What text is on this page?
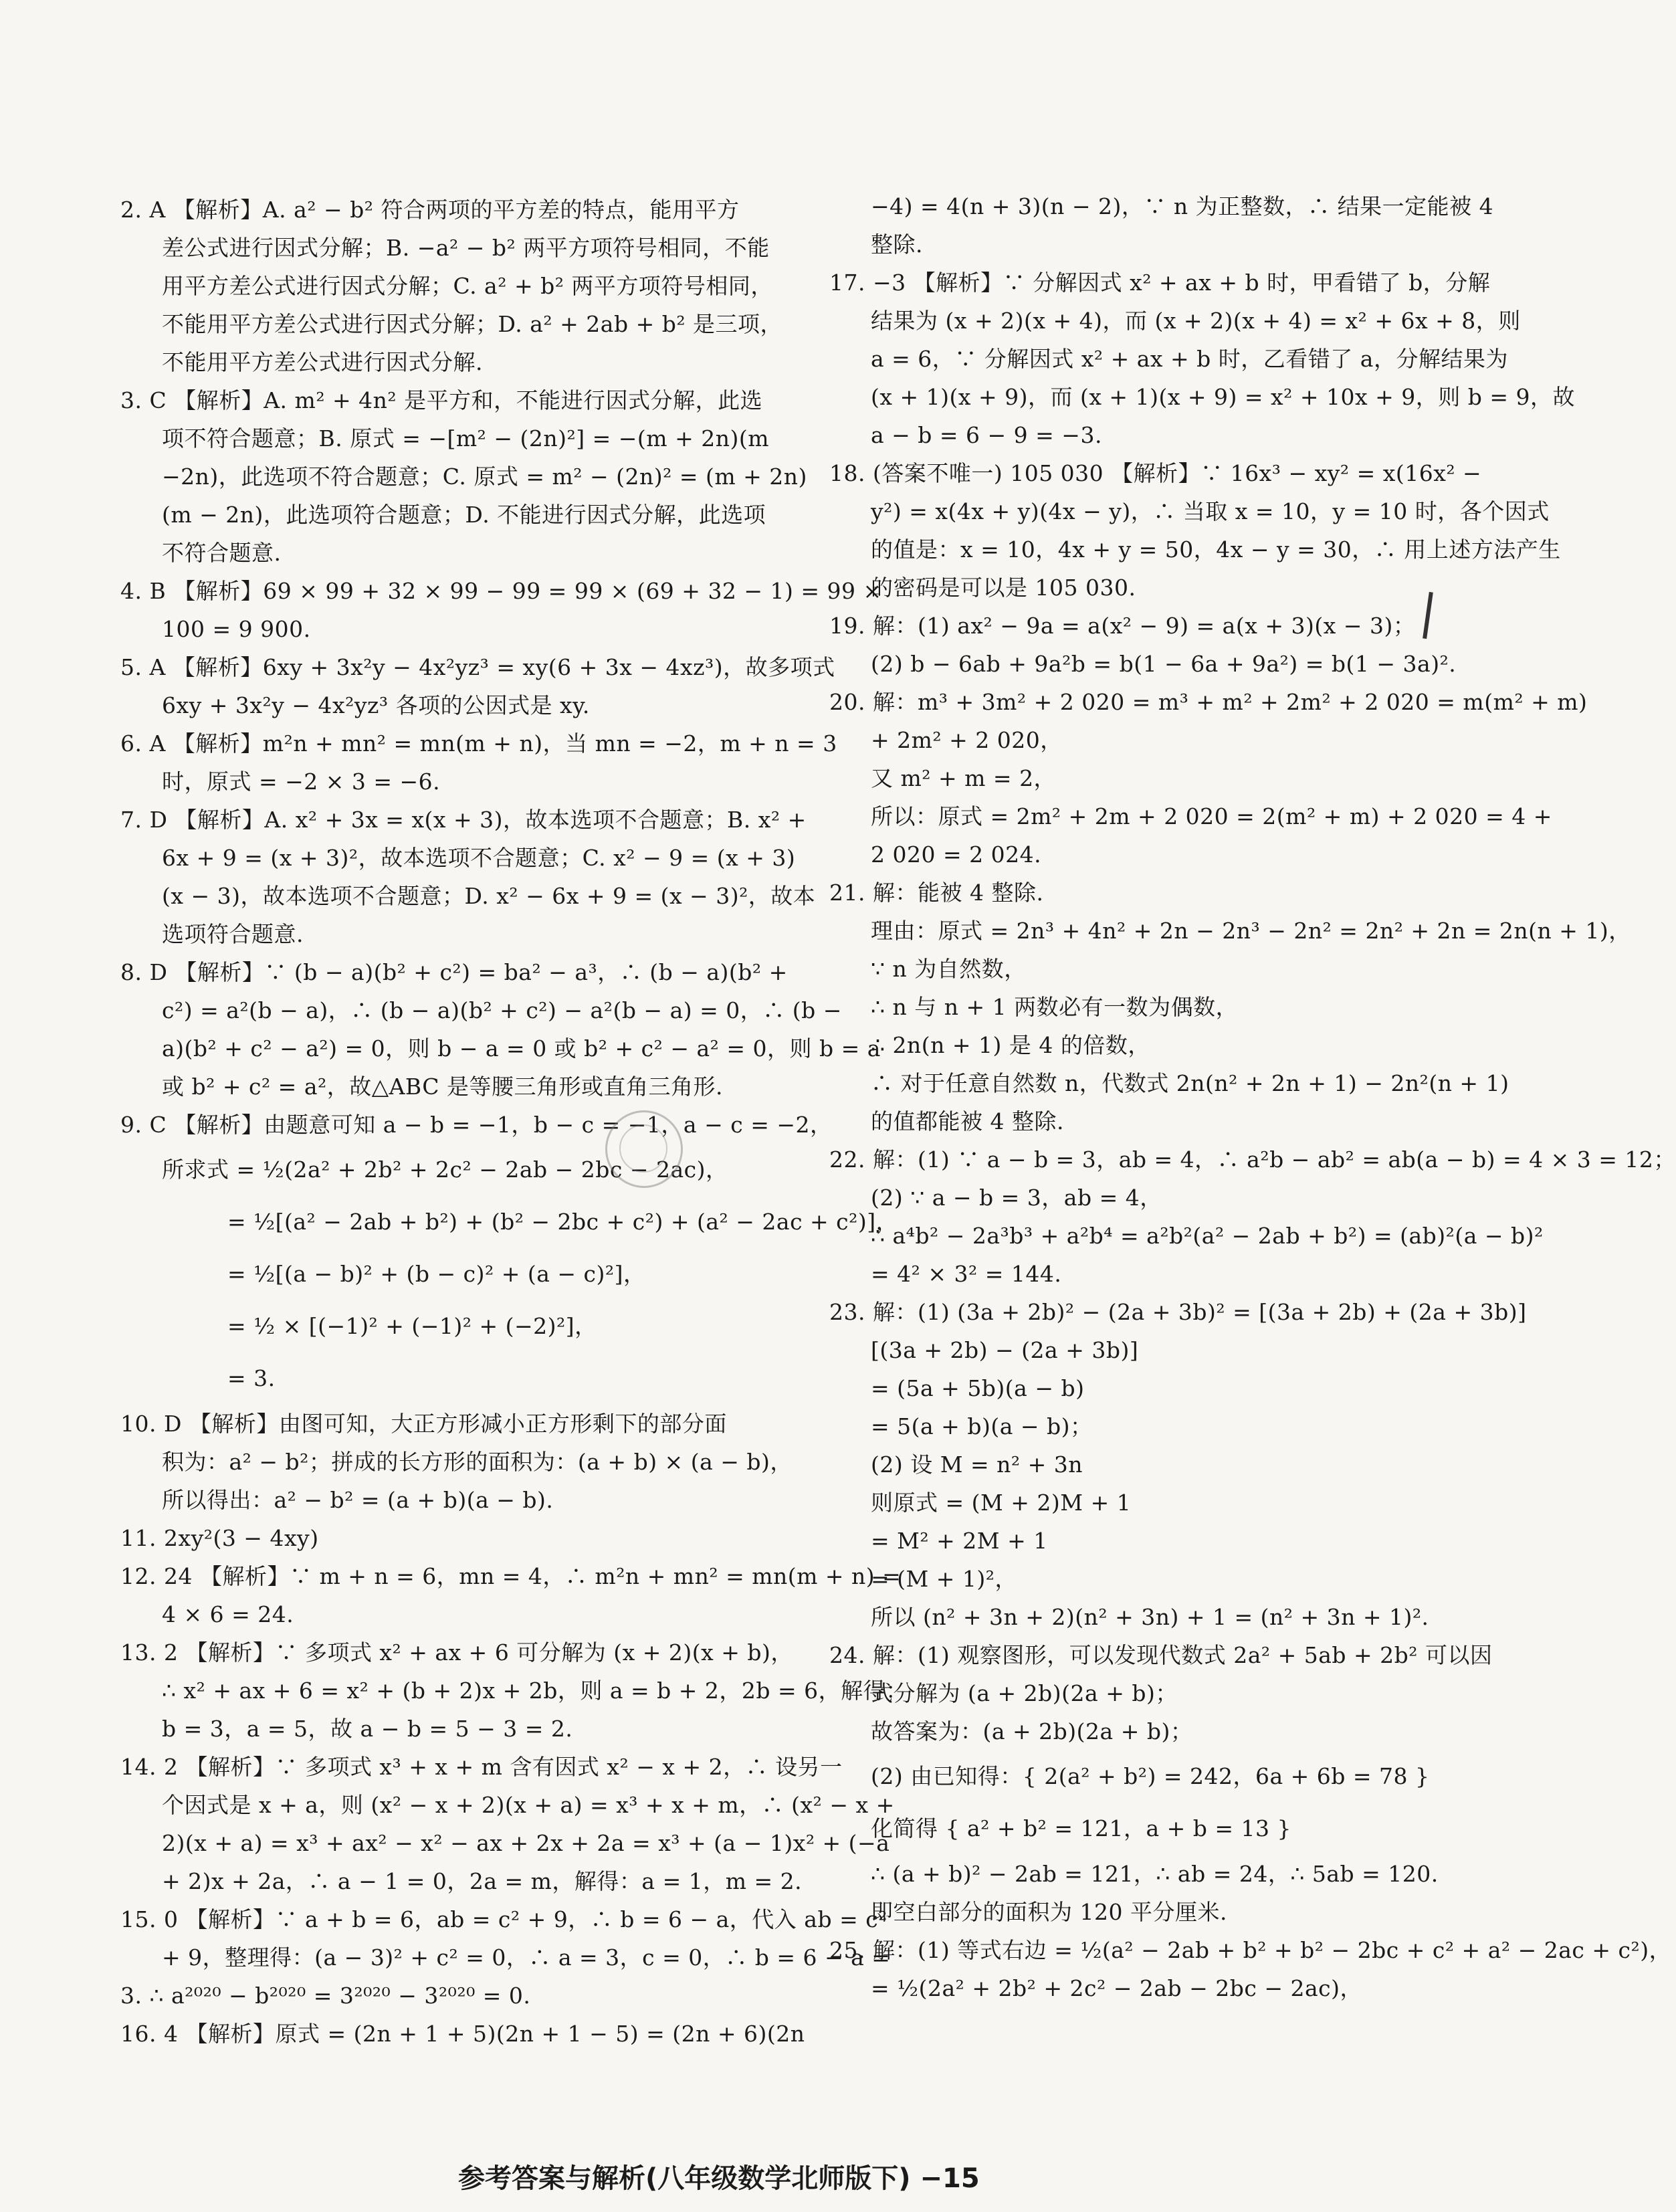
2. A 【解析】A. a² − b² 符合两项的平方差的特点，能用平方
差公式进行因式分解；B. −a² − b² 两平方项符号相同，不能
用平方差公式进行因式分解；C. a² + b² 两平方项符号相同，
不能用平方差公式进行因式分解；D. a² + 2ab + b² 是三项，
不能用平方差公式进行因式分解.
3. C 【解析】A. m² + 4n² 是平方和，不能进行因式分解，此选
项不符合题意；B. 原式 = −[m² − (2n)²] = −(m + 2n)(m
−2n)，此选项不符合题意；C. 原式 = m² − (2n)² = (m + 2n)
(m − 2n)，此选项符合题意；D. 不能进行因式分解，此选项
不符合题意.
4. B 【解析】69 × 99 + 32 × 99 − 99 = 99 × (69 + 32 − 1) = 99 ×
100 = 9 900.
5. A 【解析】6xy + 3x²y − 4x²yz³ = xy(6 + 3x − 4xz³)，故多项式
6xy + 3x²y − 4x²yz³ 各项的公因式是 xy.
6. A 【解析】m²n + mn² = mn(m + n)，当 mn = −2，m + n = 3
时，原式 = −2 × 3 = −6.
7. D 【解析】A. x² + 3x = x(x + 3)，故本选项不合题意；B. x² +
6x + 9 = (x + 3)²，故本选项不合题意；C. x² − 9 = (x + 3)
(x − 3)，故本选项不合题意；D. x² − 6x + 9 = (x − 3)²，故本
选项符合题意.
8. D 【解析】∵ (b − a)(b² + c²) = ba² − a³，∴ (b − a)(b² +
c²) = a²(b − a)，∴ (b − a)(b² + c²) − a²(b − a) = 0，∴ (b −
a)(b² + c² − a²) = 0，则 b − a = 0 或 b² + c² − a² = 0，则 b = a
或 b² + c² = a²，故△ABC 是等腰三角形或直角三角形.
9. C 【解析】由题意可知 a − b = −1，b − c = −1，a − c = −2，
所求式 = ½(2a² + 2b² + 2c² − 2ab − 2bc − 2ac)，
= ½[(a² − 2ab + b²) + (b² − 2bc + c²) + (a² − 2ac + c²)]，
= ½[(a − b)² + (b − c)² + (a − c)²]，
= ½ × [(−1)² + (−1)² + (−2)²]，
= 3.
10. D 【解析】由图可知，大正方形减小正方形剩下的部分面
积为：a² − b²；拼成的长方形的面积为：(a + b) × (a − b)，
所以得出：a² − b² = (a + b)(a − b).
11. 2xy²(3 − 4xy)
12. 24 【解析】∵ m + n = 6，mn = 4，∴ m²n + mn² = mn(m + n) =
4 × 6 = 24.
13. 2 【解析】∵ 多项式 x² + ax + 6 可分解为 (x + 2)(x + b)，
∴ x² + ax + 6 = x² + (b + 2)x + 2b，则 a = b + 2，2b = 6，解得：
b = 3，a = 5，故 a − b = 5 − 3 = 2.
14. 2 【解析】∵ 多项式 x³ + x + m 含有因式 x² − x + 2，∴ 设另一
个因式是 x + a，则 (x² − x + 2)(x + a) = x³ + x + m，∴ (x² − x +
2)(x + a) = x³ + ax² − x² − ax + 2x + 2a = x³ + (a − 1)x² + (−a
+ 2)x + 2a，∴ a − 1 = 0，2a = m，解得：a = 1，m = 2.
15. 0 【解析】∵ a + b = 6，ab = c² + 9，∴ b = 6 − a，代入 ab = c²
+ 9，整理得：(a − 3)² + c² = 0，∴ a = 3，c = 0，∴ b = 6 − a =
3. ∴ a²⁰²⁰ − b²⁰²⁰ = 3²⁰²⁰ − 3²⁰²⁰ = 0.
16. 4 【解析】原式 = (2n + 1 + 5)(2n + 1 − 5) = (2n + 6)(2n
−4) = 4(n + 3)(n − 2)，∵ n 为正整数，∴ 结果一定能被 4
整除.
17. −3 【解析】∵ 分解因式 x² + ax + b 时，甲看错了 b，分解
结果为 (x + 2)(x + 4)，而 (x + 2)(x + 4) = x² + 6x + 8，则
a = 6，∵ 分解因式 x² + ax + b 时，乙看错了 a，分解结果为
(x + 1)(x + 9)，而 (x + 1)(x + 9) = x² + 10x + 9，则 b = 9，故
a − b = 6 − 9 = −3.
18. (答案不唯一) 105 030 【解析】∵ 16x³ − xy² = x(16x² −
y²) = x(4x + y)(4x − y)，∴ 当取 x = 10，y = 10 时，各个因式
的值是：x = 10，4x + y = 50，4x − y = 30，∴ 用上述方法产生
的密码是可以是 105 030.
19. 解：(1) ax² − 9a = a(x² − 9) = a(x + 3)(x − 3)；
(2) b − 6ab + 9a²b = b(1 − 6a + 9a²) = b(1 − 3a)².
20. 解：m³ + 3m² + 2 020 = m³ + m² + 2m² + 2 020 = m(m² + m)
+ 2m² + 2 020，
又 m² + m = 2，
所以：原式 = 2m² + 2m + 2 020 = 2(m² + m) + 2 020 = 4 +
2 020 = 2 024.
21. 解：能被 4 整除.
理由：原式 = 2n³ + 4n² + 2n − 2n³ − 2n² = 2n² + 2n = 2n(n + 1)，
∵ n 为自然数，
∴ n 与 n + 1 两数必有一数为偶数，
∴ 2n(n + 1) 是 4 的倍数，
∴ 对于任意自然数 n，代数式 2n(n² + 2n + 1) − 2n²(n + 1)
的值都能被 4 整除.
22. 解：(1) ∵ a − b = 3，ab = 4，∴ a²b − ab² = ab(a − b) = 4 × 3 = 12；
(2) ∵ a − b = 3，ab = 4，
∴ a⁴b² − 2a³b³ + a²b⁴ = a²b²(a² − 2ab + b²) = (ab)²(a − b)²
= 4² × 3² = 144.
23. 解：(1) (3a + 2b)² − (2a + 3b)² = [(3a + 2b) + (2a + 3b)]
[(3a + 2b) − (2a + 3b)]
= (5a + 5b)(a − b)
= 5(a + b)(a − b)；
(2) 设 M = n² + 3n
则原式 = (M + 2)M + 1
= M² + 2M + 1
= (M + 1)²，
所以 (n² + 3n + 2)(n² + 3n) + 1 = (n² + 3n + 1)².
24. 解：(1) 观察图形，可以发现代数式 2a² + 5ab + 2b² 可以因
式分解为 (a + 2b)(2a + b)；
故答案为：(a + 2b)(2a + b)；
(2) 由已知得：{ 2(a² + b²) = 242，6a + 6b = 78 }
化简得 { a² + b² = 121，a + b = 13 }
∴ (a + b)² − 2ab = 121，∴ ab = 24，∴ 5ab = 120.
即空白部分的面积为 120 平分厘米.
25. 解：(1) 等式右边 = ½(a² − 2ab + b² + b² − 2bc + c² + a² − 2ac + c²)，
= ½(2a² + 2b² + 2c² − 2ab − 2bc − 2ac)，
参考答案与解析(八年级数学北师版下) −15
